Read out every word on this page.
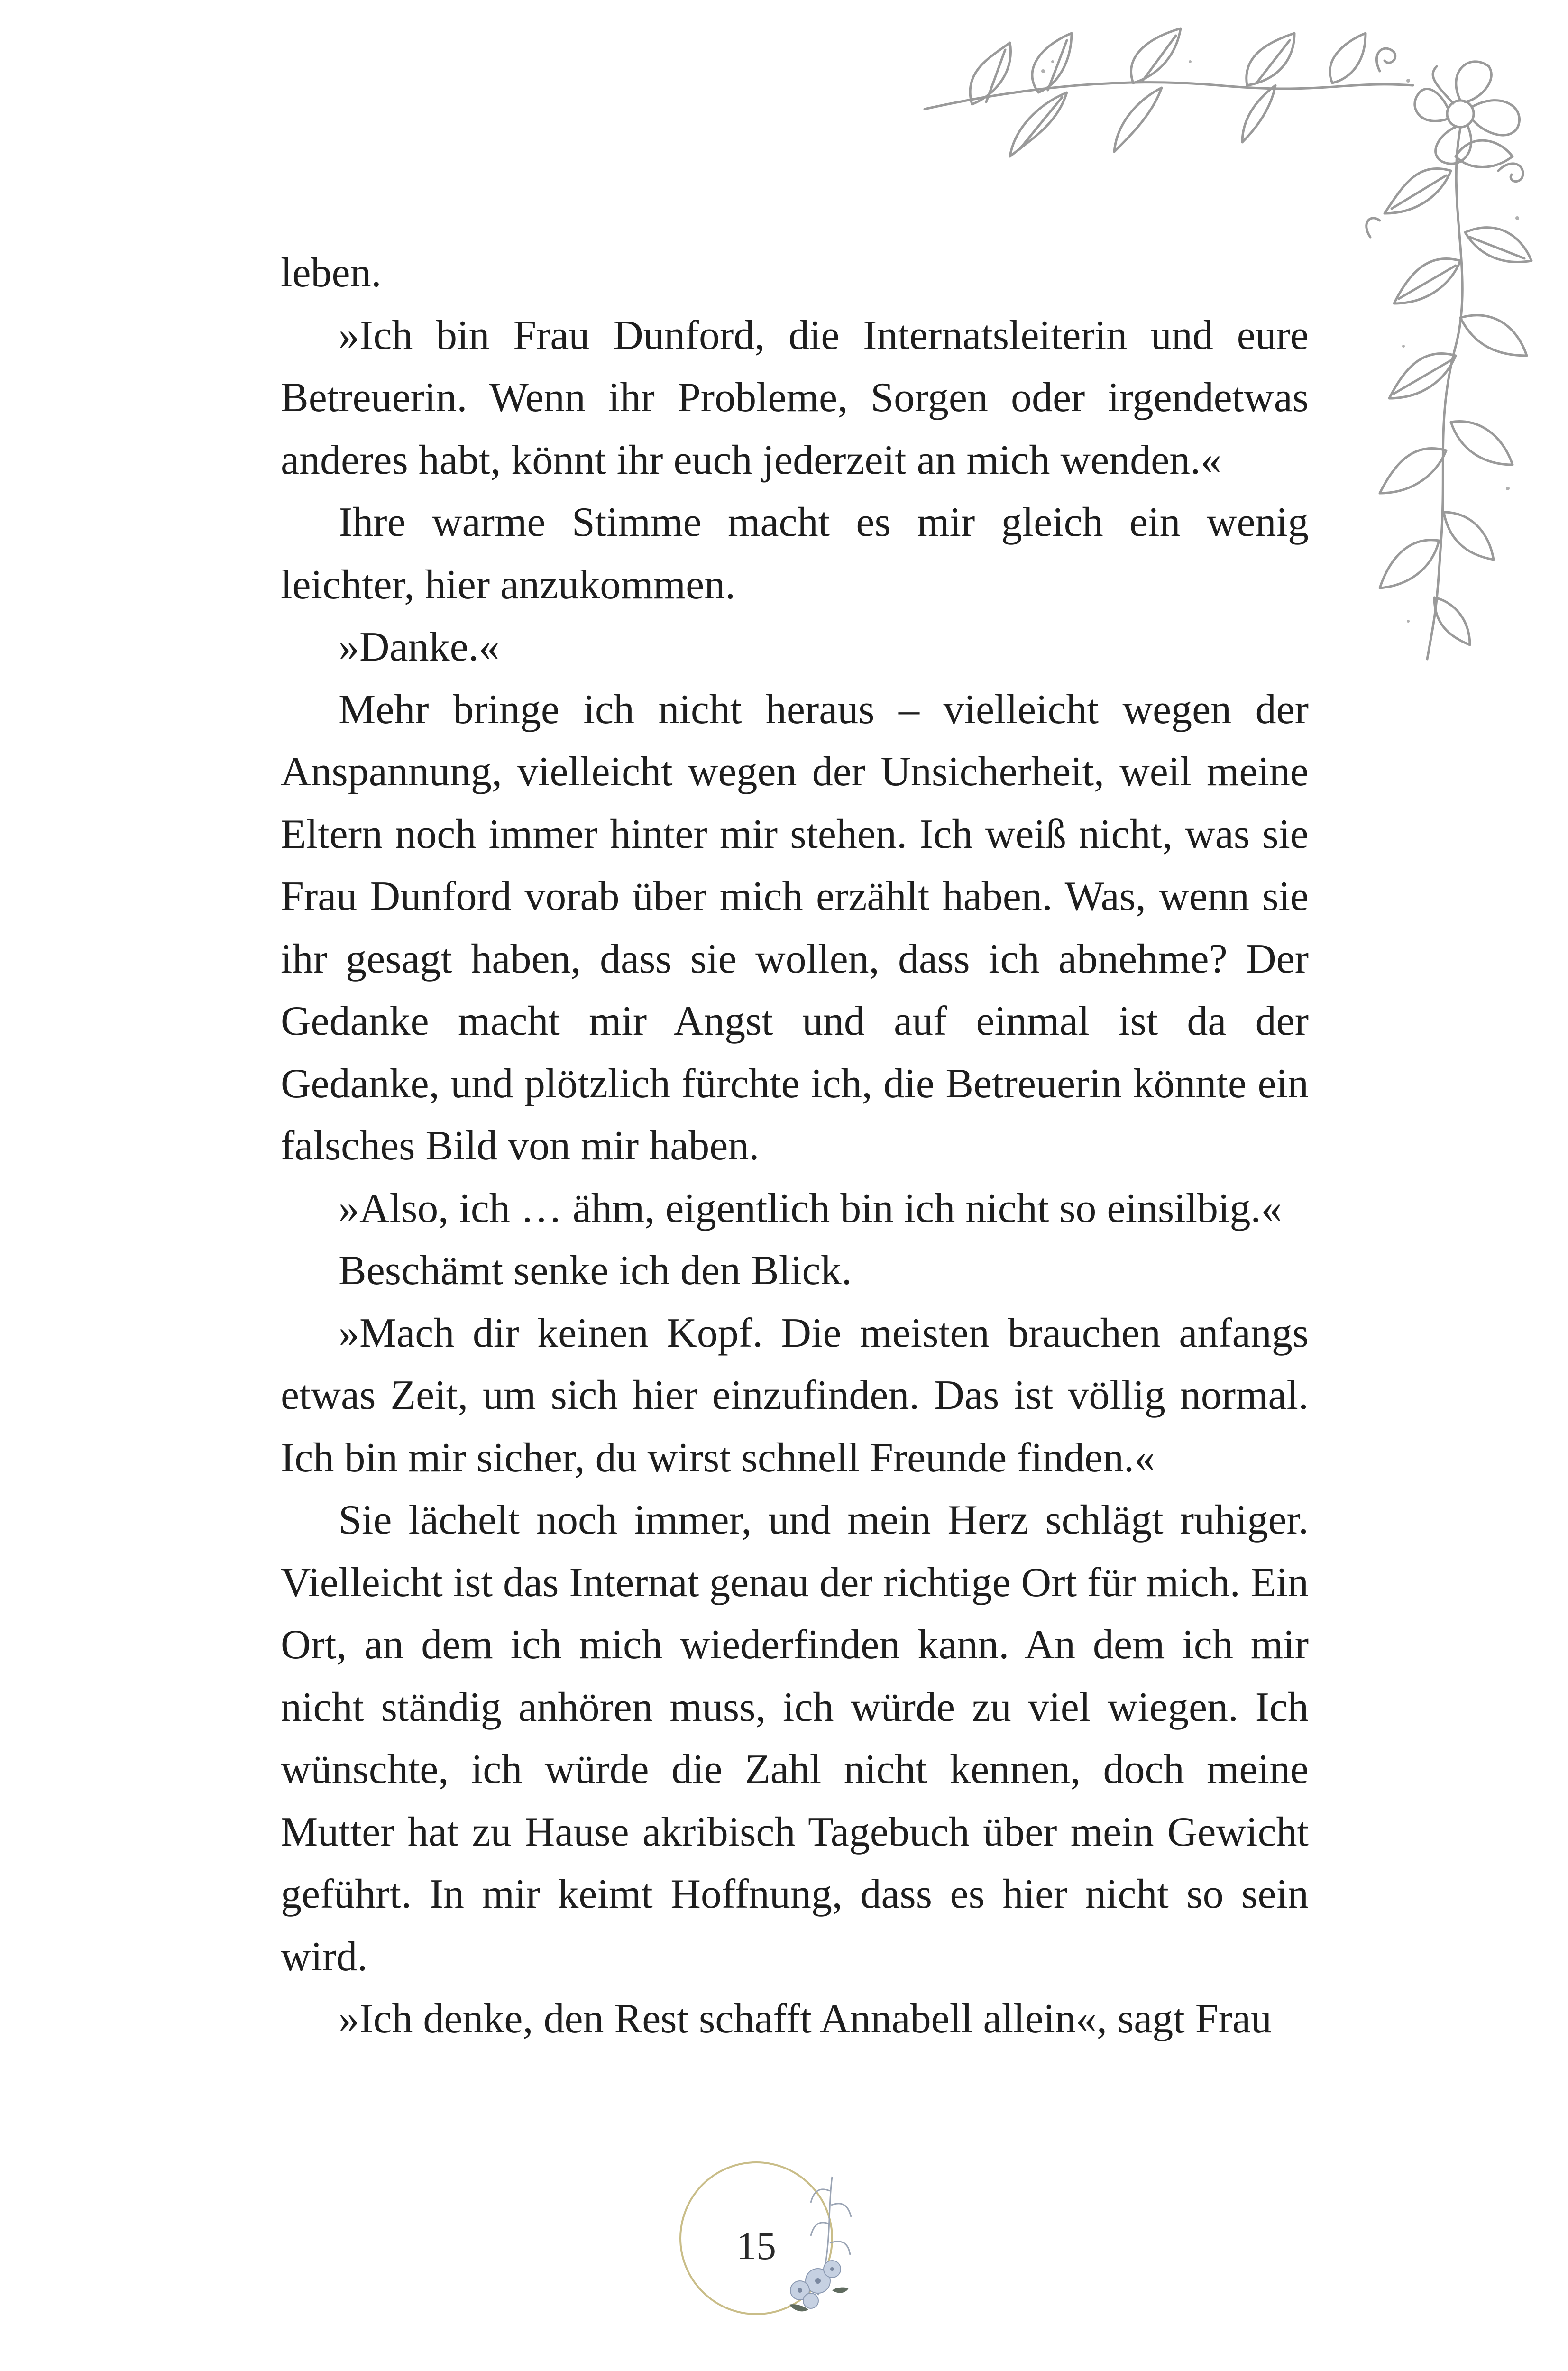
leben.

»Ich bin Frau Dunford, die Internatsleiterin und eure Betreuerin. Wenn ihr Probleme, Sorgen oder irgendetwas anderes habt, könnt ihr euch jederzeit an mich wenden.«

Ihre warme Stimme macht es mir gleich ein wenig leichter, hier anzukommen.

»Danke.«

Mehr bringe ich nicht heraus – vielleicht wegen der Anspannung, vielleicht wegen der Unsicherheit, weil meine Eltern noch immer hinter mir stehen. Ich weiß nicht, was sie Frau Dunford vorab über mich erzählt haben. Was, wenn sie ihr gesagt haben, dass sie wollen, dass ich abnehme? Der Gedanke macht mir Angst und auf einmal ist da der Gedanke, und plötzlich fürchte ich, die Betreuerin könnte ein falsches Bild von mir haben.

»Also, ich … ähm, eigentlich bin ich nicht so einsilbig.«

Beschämt senke ich den Blick.

»Mach dir keinen Kopf. Die meisten brauchen anfangs etwas Zeit, um sich hier einzufinden. Das ist völlig normal. Ich bin mir sicher, du wirst schnell Freunde finden.«

Sie lächelt noch immer, und mein Herz schlägt ruhiger. Vielleicht ist das Internat genau der richtige Ort für mich. Ein Ort, an dem ich mich wiederfinden kann. An dem ich mir nicht ständig anhören muss, ich würde zu viel wiegen. Ich wünschte, ich würde die Zahl nicht kennen, doch meine Mutter hat zu Hause akribisch Tagebuch über mein Gewicht geführt. In mir keimt Hoffnung, dass es hier nicht so sein wird.

»Ich denke, den Rest schafft Annabell allein«, sagt Frau

15
